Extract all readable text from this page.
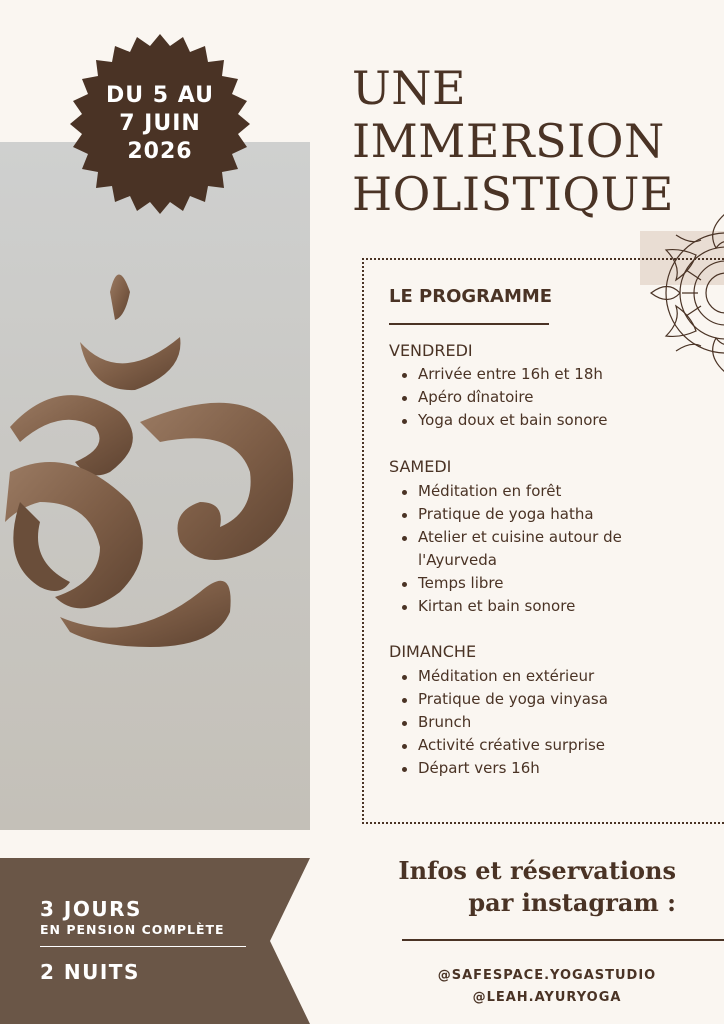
DU 5 AU
7 JUIN
2026
UNE
IMMERSION
HOLISTIQUE
LE PROGRAMME
VENDREDI
Arrivée entre 16h et 18h
Apéro dînatoire
Yoga doux et bain sonore
SAMEDI
Méditation en forêt
Pratique de yoga hatha
Atelier et cuisine autour de
l'Ayurveda
Temps libre
Kirtan et bain sonore
DIMANCHE
Méditation en extérieur
Pratique de yoga vinyasa
Brunch
Activité créative surprise
Départ vers 16h
3 JOURS
EN PENSION COMPLÈTE
2 NUITS
Infos et réservations
par instagram :
@SAFESPACE.YOGASTUDIO
@LEAH.AYURYOGA
